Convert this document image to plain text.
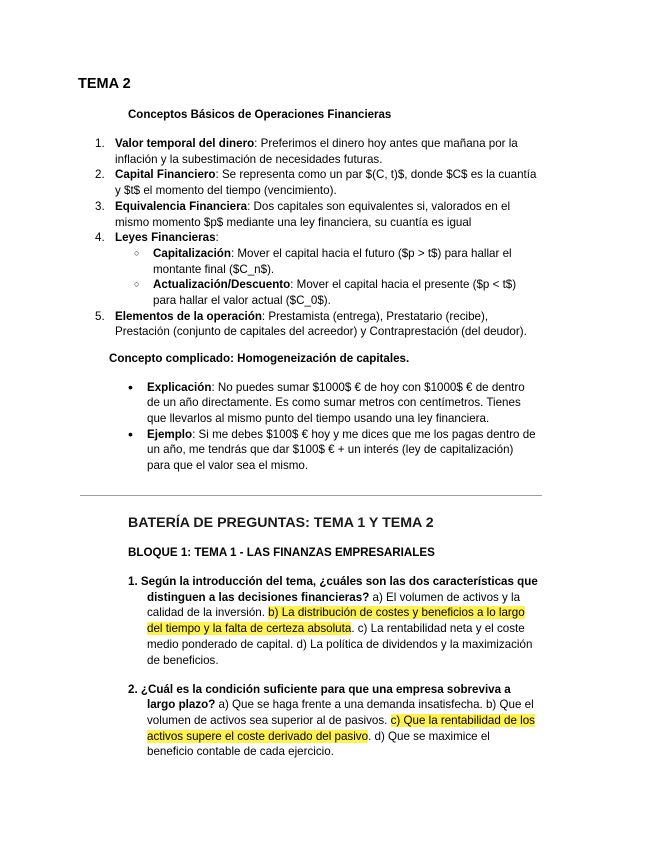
TEMA 2
Conceptos Básicos de Operaciones Financieras
1. Valor temporal del dinero: Preferimos el dinero hoy antes que mañana por la
inflación y la subestimación de necesidades futuras.
2. Capital Financiero: Se representa como un par $(C, t)$, donde $C$ es la cuantía
y $t$ el momento del tiempo (vencimiento).
3. Equivalencia Financiera: Dos capitales son equivalentes si, valorados en el
mismo momento $p$ mediante una ley financiera, su cuantía es igual
4. Leyes Financieras:
○ Capitalización: Mover el capital hacia el futuro ($p > t$) para hallar el
montante final ($C_n$).
○ Actualización/Descuento: Mover el capital hacia el presente ($p < t$)
para hallar el valor actual ($C_0$).
5. Elementos de la operación: Prestamista (entrega), Prestatario (recibe),
Prestación (conjunto de capitales del acreedor) y Contraprestación (del deudor).
Concepto complicado: Homogeneización de capitales.
• Explicación: No puedes sumar $1000$ € de hoy con $1000$ € de dentro
de un año directamente. Es como sumar metros con centímetros. Tienes
que llevarlos al mismo punto del tiempo usando una ley financiera.
• Ejemplo: Si me debes $100$ € hoy y me dices que me los pagas dentro de
un año, me tendrás que dar $100$ € + un interés (ley de capitalización)
para que el valor sea el mismo.
BATERÍA DE PREGUNTAS: TEMA 1 Y TEMA 2
BLOQUE 1: TEMA 1 - LAS FINANZAS EMPRESARIALES
1. Según la introducción del tema, ¿cuáles son las dos características que
distinguen a las decisiones financieras? a) El volumen de activos y la
calidad de la inversión. b) La distribución de costes y beneficios a lo largo
del tiempo y la falta de certeza absoluta. c) La rentabilidad neta y el coste
medio ponderado de capital. d) La política de dividendos y la maximización
de beneficios.
2. ¿Cuál es la condición suficiente para que una empresa sobreviva a
largo plazo? a) Que se haga frente a una demanda insatisfecha. b) Que el
volumen de activos sea superior al de pasivos. c) Que la rentabilidad de los
activos supere el coste derivado del pasivo. d) Que se maximice el
beneficio contable de cada ejercicio.
